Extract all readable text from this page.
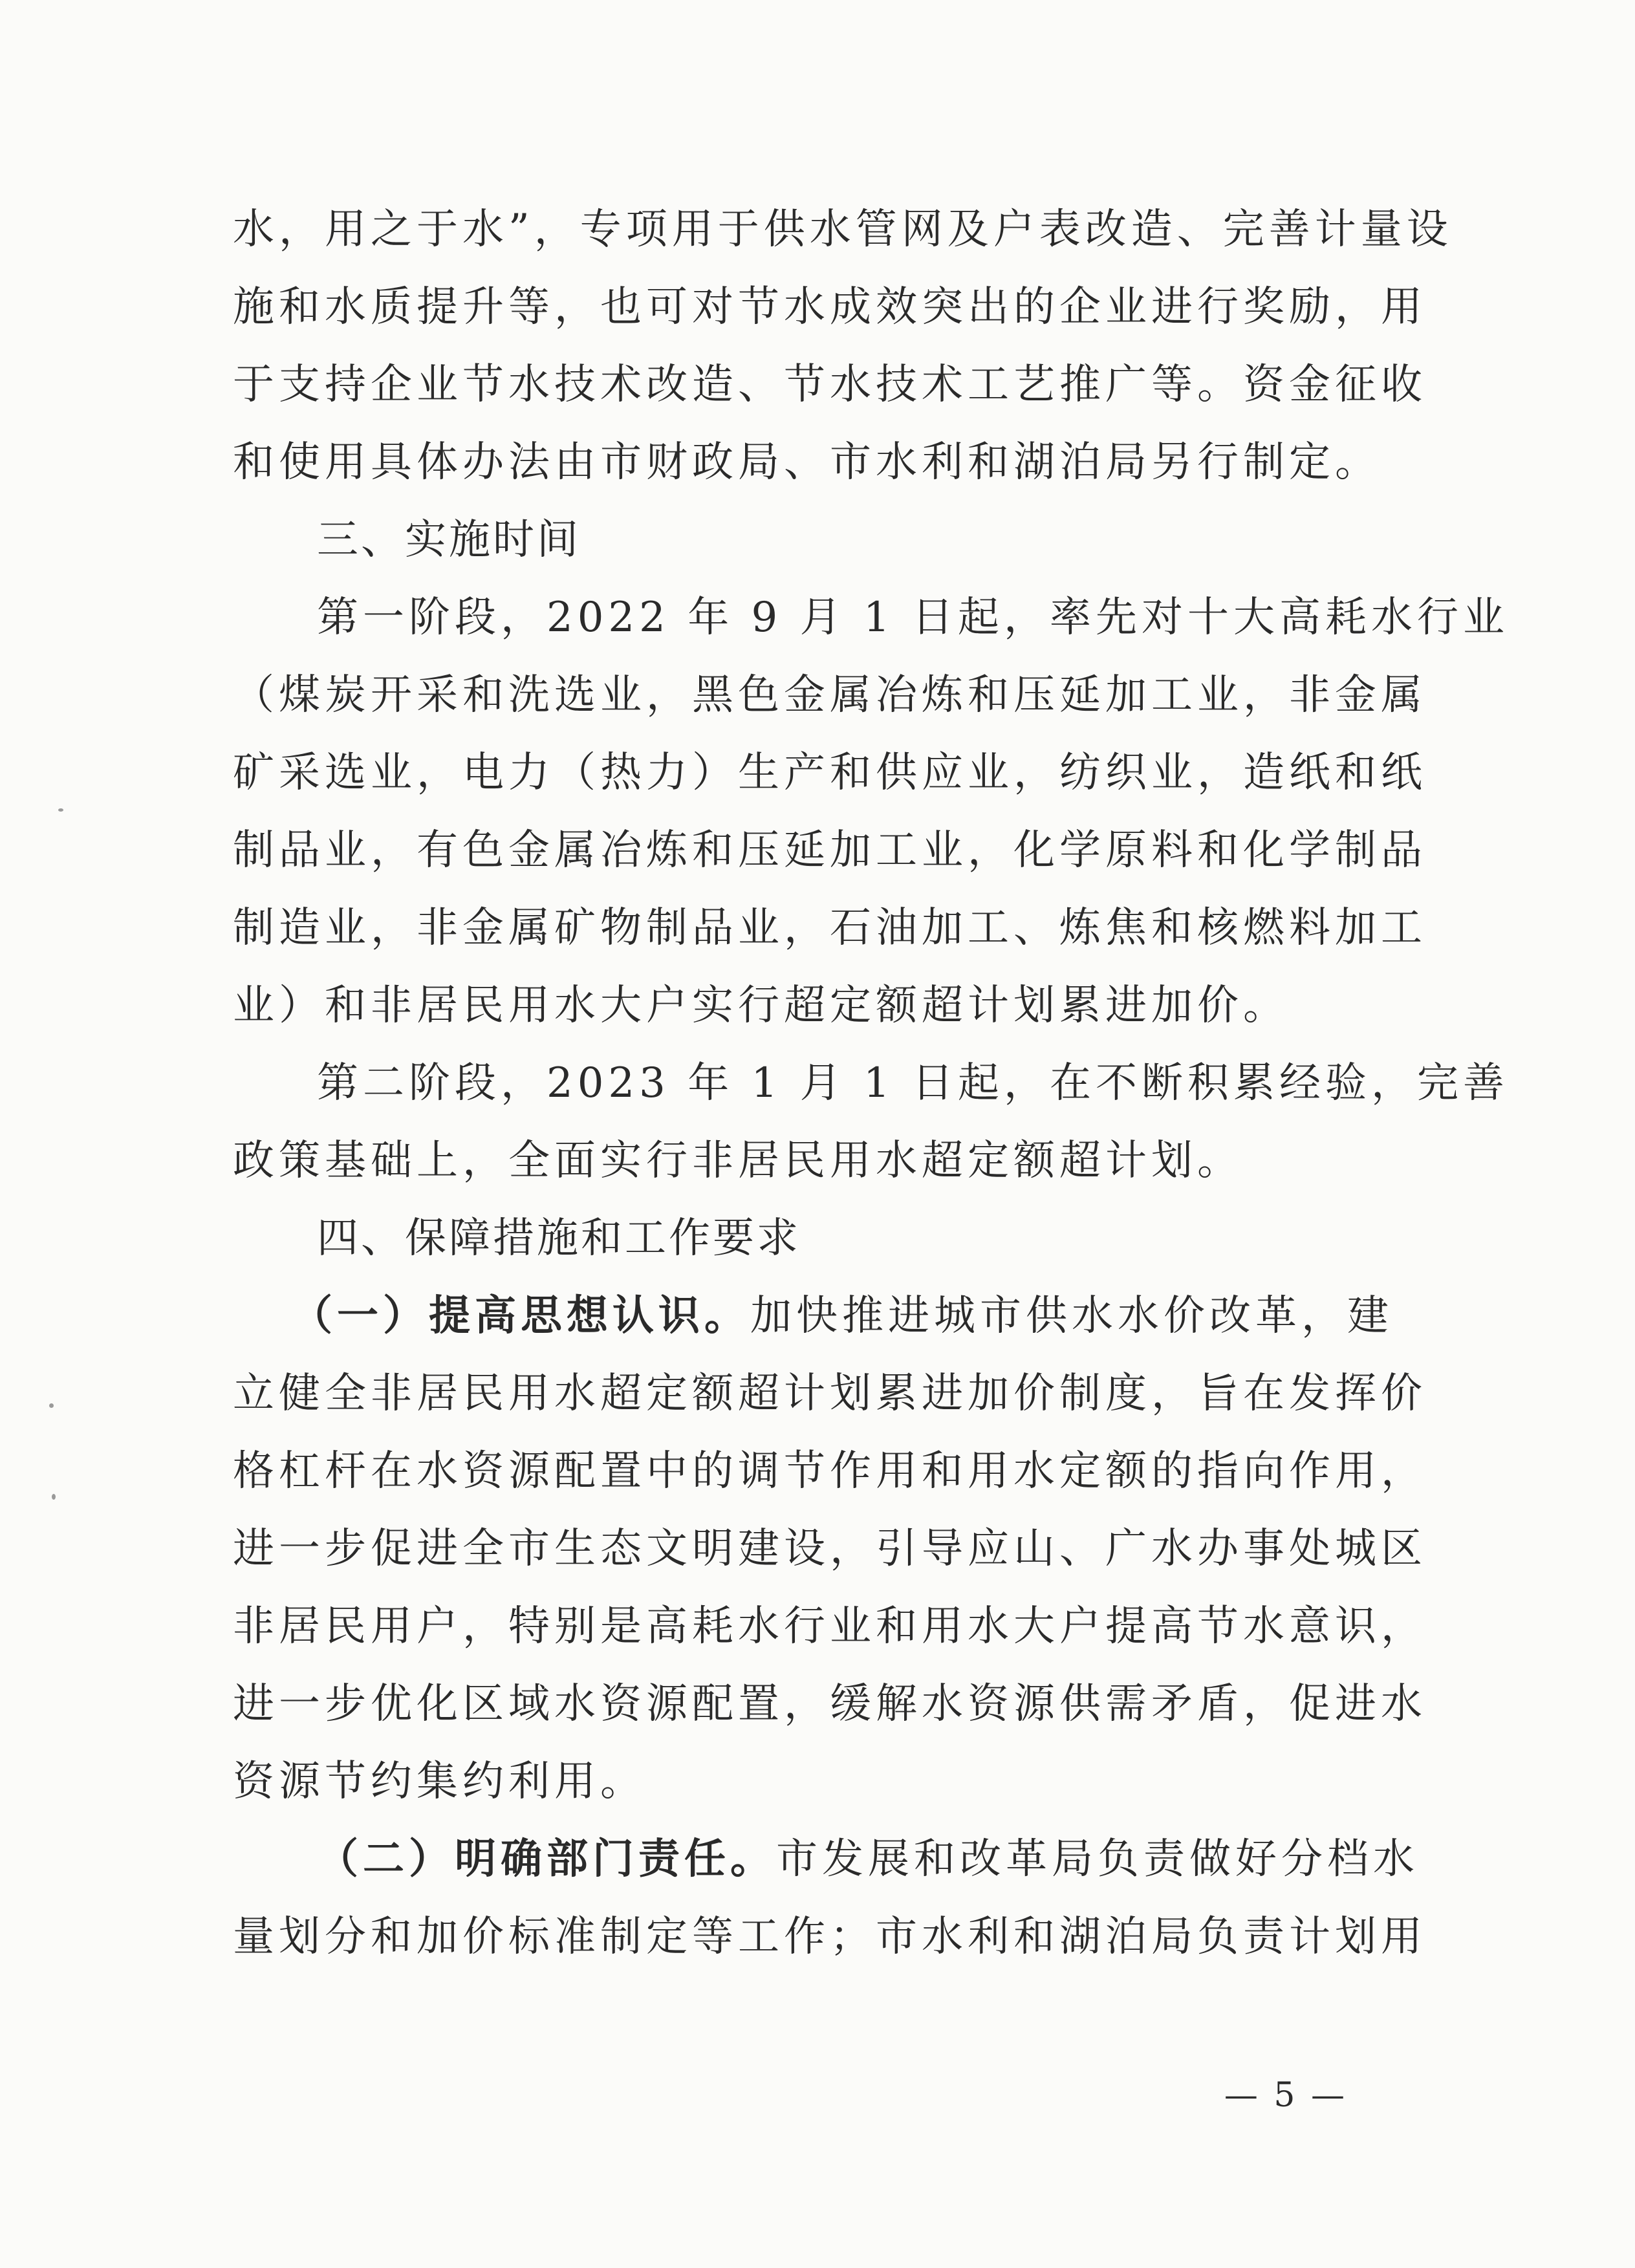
水，用之于水”，专项用于供水管网及户表改造、完善计量设
施和水质提升等，也可对节水成效突出的企业进行奖励，用
于支持企业节水技术改造、节水技术工艺推广等。资金征收
和使用具体办法由市财政局、市水利和湖泊局另行制定。
三、实施时间
第一阶段，2022 年 9 月 1 日起，率先对十大高耗水行业
（煤炭开采和洗选业，黑色金属冶炼和压延加工业，非金属
矿采选业，电力（热力）生产和供应业，纺织业，造纸和纸
制品业，有色金属冶炼和压延加工业，化学原料和化学制品
制造业，非金属矿物制品业，石油加工、炼焦和核燃料加工
业）和非居民用水大户实行超定额超计划累进加价。
第二阶段，2023 年 1 月 1 日起，在不断积累经验，完善
政策基础上，全面实行非居民用水超定额超计划。
四、保障措施和工作要求
（一）提高思想认识。加快推进城市供水水价改革，建
立健全非居民用水超定额超计划累进加价制度，旨在发挥价
格杠杆在水资源配置中的调节作用和用水定额的指向作用，
进一步促进全市生态文明建设，引导应山、广水办事处城区
非居民用户，特别是高耗水行业和用水大户提高节水意识，
进一步优化区域水资源配置，缓解水资源供需矛盾，促进水
资源节约集约利用。
（二）明确部门责任。市发展和改革局负责做好分档水
量划分和加价标准制定等工作；市水利和湖泊局负责计划用
— 5 —
